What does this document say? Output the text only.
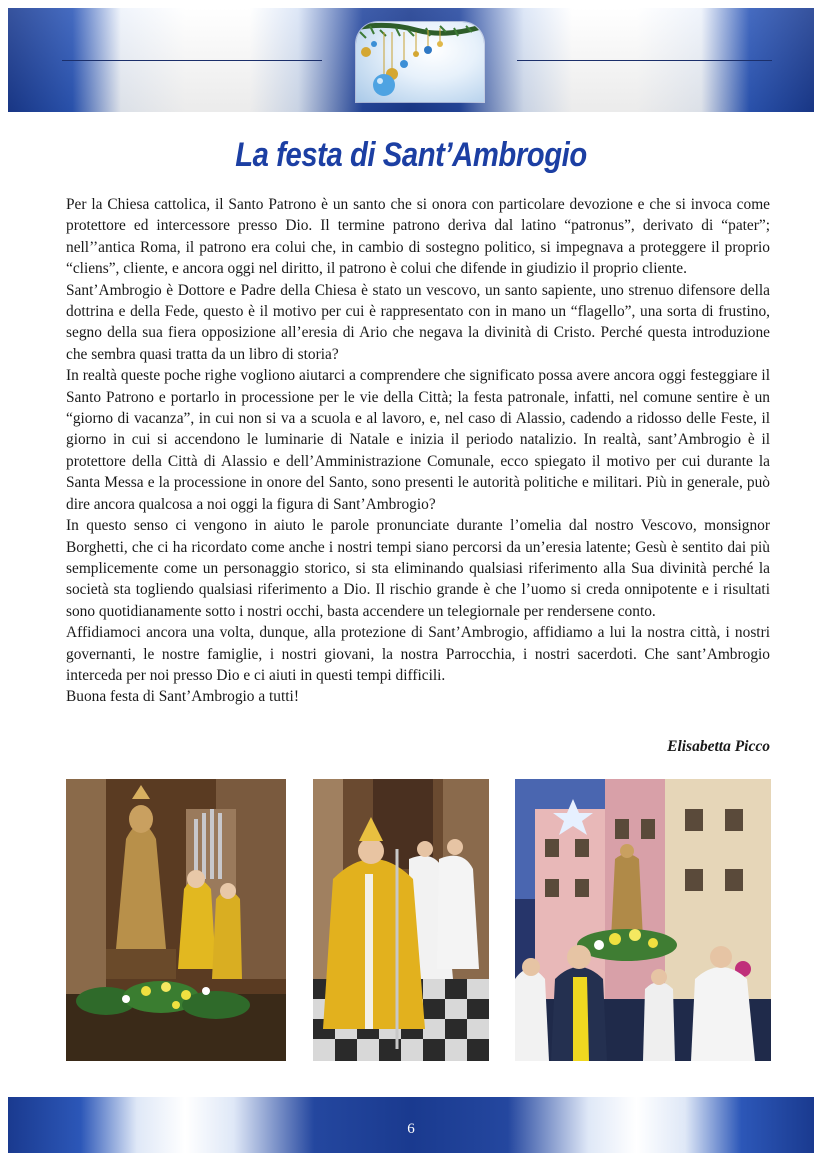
La festa di Sant’Ambrogio

Per la Chiesa cattolica, il Santo Patrono è un santo che si onora con particolare devozione e che si invoca come protettore ed intercessore presso Dio. Il termine patrono deriva dal latino “patronus”, derivato di “pater”; nell’’antica Roma, il patrono era colui che, in cambio di sostegno politico, si impegnava a proteggere il proprio “cliens”, cliente, e ancora oggi nel diritto, il patrono è colui che difende in giudizio il proprio cliente.

Sant’Ambrogio è Dottore e Padre della Chiesa è stato un vescovo, un santo sapiente, uno strenuo difensore della dottrina e della Fede, questo è il motivo per cui è rappresentato con in mano un “flagello”, una sorta di frustino, segno della sua fiera opposizione all’eresia di Ario che negava la divinità di Cristo. Perché questa introduzione che sembra quasi tratta da un libro di storia?

In realtà queste poche righe vogliono aiutarci a comprendere che significato possa avere ancora oggi festeggiare il Santo Patrono e portarlo in processione per le vie della Città; la festa patronale, infatti, nel comune sentire è un “giorno di vacanza”, in cui non si va a scuola e al lavoro, e, nel caso di Alassio, cadendo a ridosso delle Feste, il giorno in cui si accendono le luminarie di Natale e inizia il periodo natalizio. In realtà, sant’Ambrogio è il protettore della Città di Alassio e dell’Amministrazione Comunale, ecco spiegato il motivo per cui durante la Santa Messa e la processione in onore del Santo, sono presenti le autorità politiche e militari. Più in generale, può dire ancora qualcosa a noi oggi la figura di Sant’Ambrogio?

In questo senso ci vengono in aiuto le parole pronunciate durante l’omelia dal nostro Vescovo, monsignor Borghetti, che ci ha ricordato come anche i nostri tempi siano percorsi da un’eresia latente; Gesù è sentito dai più semplicemente come un personaggio storico, si sta eliminando qualsiasi riferimento alla Sua divinità perché la società sta togliendo qualsiasi riferimento a Dio. Il rischio grande è che l’uomo si creda onnipotente e i risultati sono quotidianamente sotto i nostri occhi, basta accendere un telegiornale per rendersene conto.

Affidiamoci ancora una volta, dunque, alla protezione di Sant’Ambrogio, affidiamo a lui la nostra città, i nostri governanti, le nostre famiglie, i nostri giovani, la nostra Parrocchia, i nostri sacerdoti. Che sant’Ambrogio interceda per noi presso Dio e ci aiuti in questi tempi difficili.

Buona festa di Sant’Ambrogio a tutti!

Elisabetta Picco

6
